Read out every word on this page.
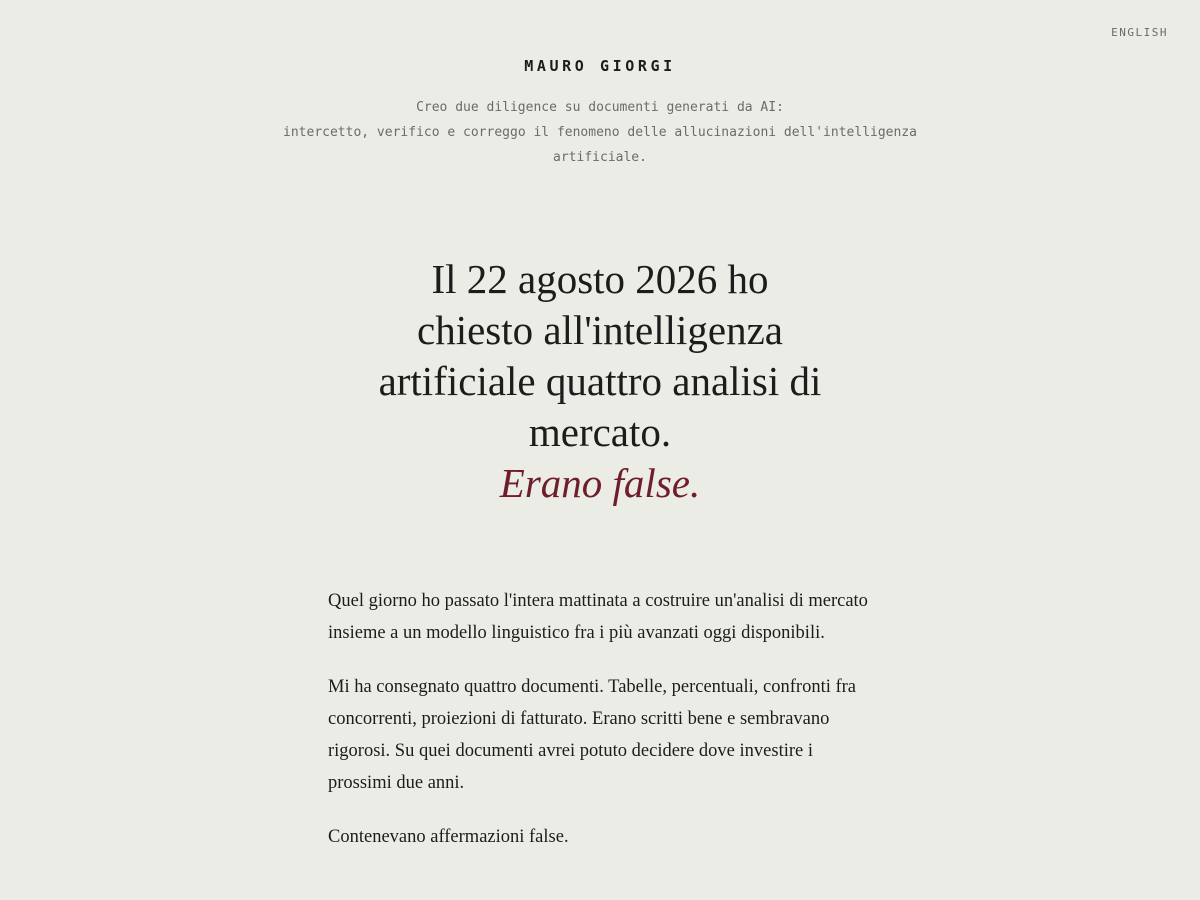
ENGLISH
MAURO GIORGI
Creo due diligence su documenti generati da AI:
intercetto, verifico e correggo il fenomeno delle allucinazioni dell'intelligenza
artificiale.
Il 22 agosto 2026 ho chiesto all'intelligenza artificiale quattro analisi di mercato.
Erano false.

Quel giorno ho passato l'intera mattinata a costruire un'analisi di mercato insieme a un modello linguistico fra i più avanzati oggi disponibili.

Mi ha consegnato quattro documenti. Tabelle, percentuali, confronti fra concorrenti, proiezioni di fatturato. Erano scritti bene e sembravano rigorosi. Su quei documenti avrei potuto decidere dove investire i prossimi due anni.

Contenevano affermazioni false.
